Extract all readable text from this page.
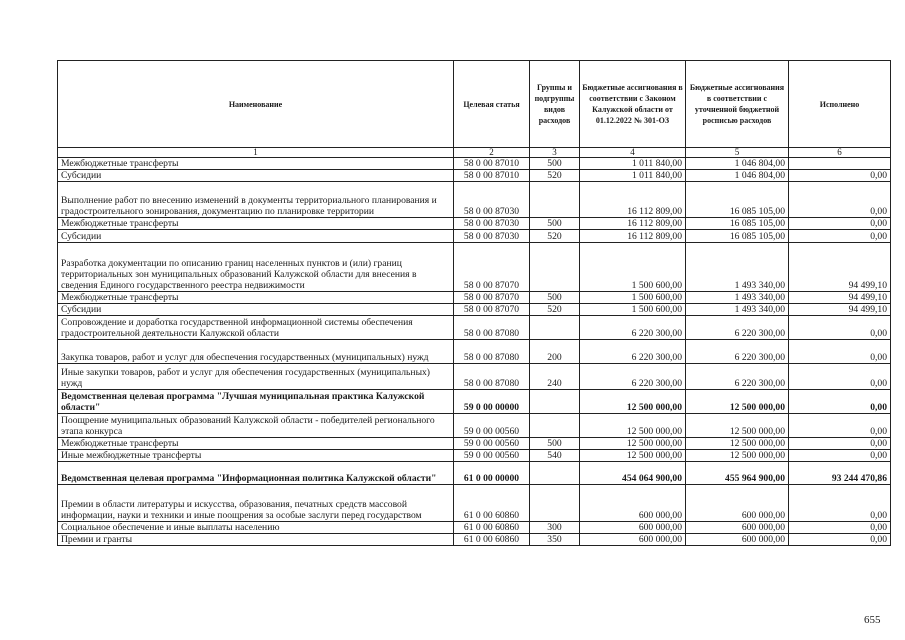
Наименование	Целевая статья	Группы и подгруппы видов расходов	Бюджетные ассигнования в соответствии с Законом Калужской области от 01.12.2022 № 301-ОЗ	Бюджетные ассигнования в соответствии с уточненной бюджетной росписью расходов	Исполнено
1	2	3	4	5	6
Межбюджетные трансферты	58 0 00 87010	500	1 011 840,00	1 046 804,00	
Субсидии	58 0 00 87010	520	1 011 840,00	1 046 804,00	0,00
Выполнение работ по внесению изменений в документы территориального планирования и градостроительного зонирования, документацию по планировке территории	58 0 00 87030		16 112 809,00	16 085 105,00	0,00
Межбюджетные трансферты	58 0 00 87030	500	16 112 809,00	16 085 105,00	0,00
Субсидии	58 0 00 87030	520	16 112 809,00	16 085 105,00	0,00
Разработка документации по описанию границ населенных пунктов и (или) границ территориальных зон муниципальных образований Калужской области для внесения в сведения Единого государственного реестра недвижимости	58 0 00 87070		1 500 600,00	1 493 340,00	94 499,10
Межбюджетные трансферты	58 0 00 87070	500	1 500 600,00	1 493 340,00	94 499,10
Субсидии	58 0 00 87070	520	1 500 600,00	1 493 340,00	94 499,10
Сопровождение и доработка государственной информационной системы обеспечения градостроительной деятельности Калужской области	58 0 00 87080		6 220 300,00	6 220 300,00	0,00
Закупка товаров, работ и услуг для обеспечения государственных (муниципальных) нужд	58 0 00 87080	200	6 220 300,00	6 220 300,00	0,00
Иные закупки товаров, работ и услуг для обеспечения государственных (муниципальных) нужд	58 0 00 87080	240	6 220 300,00	6 220 300,00	0,00
Ведомственная целевая программа "Лучшая муниципальная практика Калужской области"	59 0 00 00000		12 500 000,00	12 500 000,00	0,00
Поощрение муниципальных образований Калужской области - победителей регионального этапа конкурса	59 0 00 00560		12 500 000,00	12 500 000,00	0,00
Межбюджетные трансферты	59 0 00 00560	500	12 500 000,00	12 500 000,00	0,00
Иные межбюджетные трансферты	59 0 00 00560	540	12 500 000,00	12 500 000,00	0,00
Ведомственная целевая программа "Информационная политика Калужской области"	61 0 00 00000		454 064 900,00	455 964 900,00	93 244 470,86
Премии в области литературы и искусства, образования, печатных средств массовой информации, науки и техники и иные поощрения за особые заслуги перед государством	61 0 00 60860		600 000,00	600 000,00	0,00
Социальное обеспечение и иные выплаты населению	61 0 00 60860	300	600 000,00	600 000,00	0,00
Премии и гранты	61 0 00 60860	350	600 000,00	600 000,00	0,00
655
